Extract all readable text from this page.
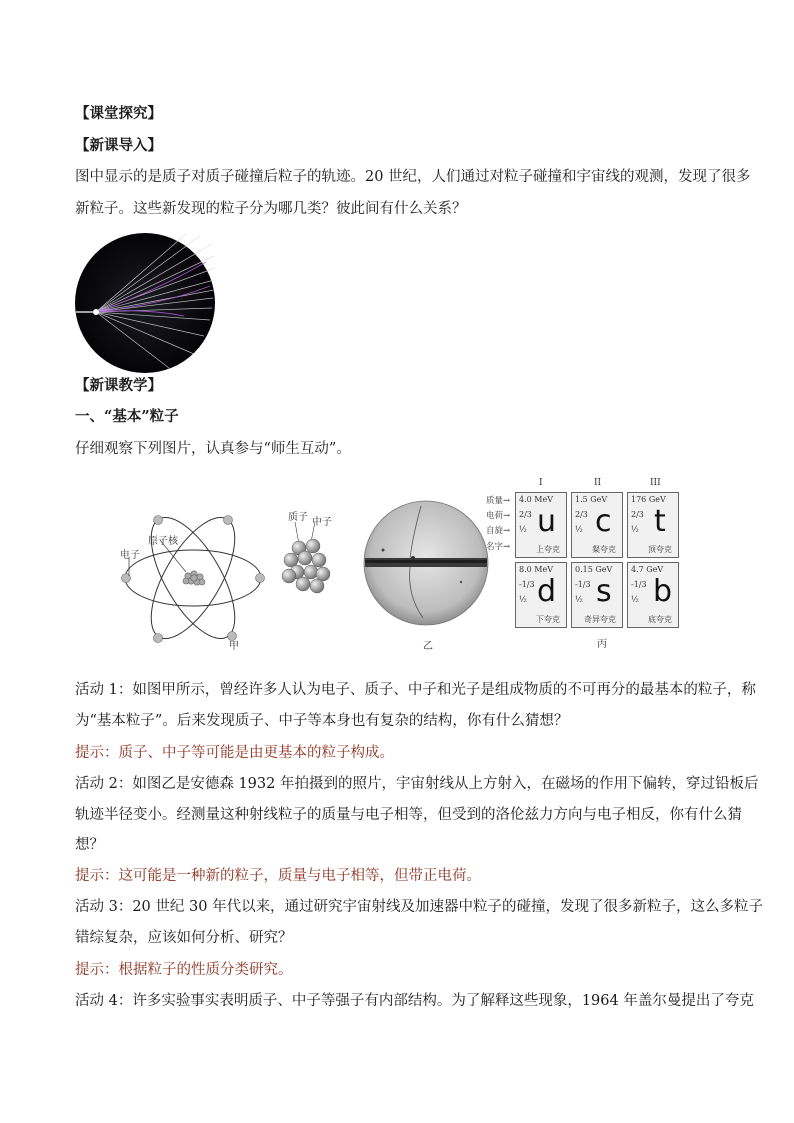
【课堂探究】
【新课导入】
图中显示的是质子对质子碰撞后粒子的轨迹。20 世纪，人们通过对粒子碰撞和宇宙线的观测，发现了很多
新粒子。这些新发现的粒子分为哪几类？彼此间有什么关系？
【新课教学】
一、“基本”粒子
仔细观察下列图片，认真参与“师生互动”。
原子核
电子
质子 中子
甲	乙
I	II	III
质量→
电荷→
自旋→
名字→
4.0 MeV
2/3
½ u
上夸克
1.5 GeV
2/3
½ c
粲夸克
176 GeV
2/3
½ t
顶夸克
8.0 MeV
-1/3
½ d
下夸克
0.15 GeV
-1/3
½ s
奇异夸克
4.7 GeV
-1/3
½ b
底夸克
丙
活动 1：如图甲所示，曾经许多人认为电子、质子、中子和光子是组成物质的不可再分的最基本的粒子，称
为“基本粒子”。后来发现质子、中子等本身也有复杂的结构，你有什么猜想？
提示：质子、中子等可能是由更基本的粒子构成。
活动 2：如图乙是安德森 1932 年拍摄到的照片，宇宙射线从上方射入，在磁场的作用下偏转，穿过铅板后
轨迹半径变小。经测量这种射线粒子的质量与电子相等，但受到的洛伦兹力方向与电子相反，你有什么猜
想？
提示：这可能是一种新的粒子，质量与电子相等，但带正电荷。
活动 3：20 世纪 30 年代以来，通过研究宇宙射线及加速器中粒子的碰撞，发现了很多新粒子，这么多粒子
错综复杂，应该如何分析、研究？
提示：根据粒子的性质分类研究。
活动 4：许多实验事实表明质子、中子等强子有内部结构。为了解释这些现象，1964 年盖尔曼提出了夸克
